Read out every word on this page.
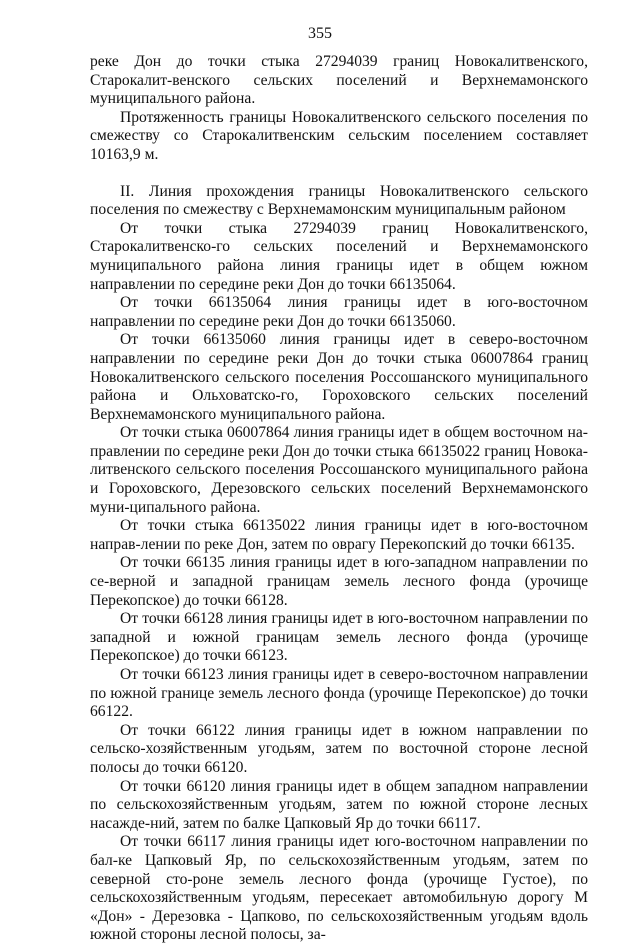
355

реке Дон до точки стыка 27294039 границ Новокалитвенского, Старокалит-венского сельских поселений и Верхнемамонского муниципального района.

Протяженность границы Новокалитвенского сельского поселения по смежеству со Старокалитвенским сельским поселением составляет 10163,9 м.

II. Линия прохождения границы Новокалитвенского сельского поселения по смежеству с Верхнемамонским муниципальным районом

От точки стыка 27294039 границ Новокалитвенского, Старокалитвенско-го сельских поселений и Верхнемамонского муниципального района линия границы идет в общем южном направлении по середине реки Дон до точки 66135064.

От точки 66135064 линия границы идет в юго-восточном направлении по середине реки Дон до точки 66135060.

От точки 66135060 линия границы идет в северо-восточном направлении по середине реки Дон до точки стыка 06007864 границ Новокалитвенского сельского поселения Россошанского муниципального района и Ольховатско-го, Гороховского сельских поселений Верхнемамонского муниципального района.

От точки стыка 06007864 линия границы идет в общем восточном на-правлении по середине реки Дон до точки стыка 66135022 границ Новока-литвенского сельского поселения Россошанского муниципального района и Гороховского, Дерезовского сельских поселений Верхнемамонского муни-ципального района.

От точки стыка 66135022 линия границы идет в юго-восточном направ-лении по реке Дон, затем по оврагу Перекопский до точки 66135.

От точки 66135 линия границы идет в юго-западном направлении по се-верной и западной границам земель лесного фонда (урочище Перекопское) до точки 66128.

От точки 66128 линия границы идет в юго-восточном направлении по западной и южной границам земель лесного фонда (урочище Перекопское) до точки 66123.

От точки 66123 линия границы идет в северо-восточном направлении по южной границе земель лесного фонда (урочище Перекопское) до точки 66122.

От точки 66122 линия границы идет в южном направлении по сельско-хозяйственным угодьям, затем по восточной стороне лесной полосы до точки 66120.

От точки 66120 линия границы идет в общем западном направлении по сельскохозяйственным угодьям, затем по южной стороне лесных насажде-ний, затем по балке Цапковый Яр до точки 66117.

От точки 66117 линия границы идет юго-восточном направлении по бал-ке Цапковый Яр, по сельскохозяйственным угодьям, затем по северной сто-роне земель лесного фонда (урочище Густое), по сельскохозяйственным угодьям, пересекает автомобильную дорогу М «Дон» - Дерезовка - Цапково, по сельскохозяйственным угодьям вдоль южной стороны лесной полосы, за-
